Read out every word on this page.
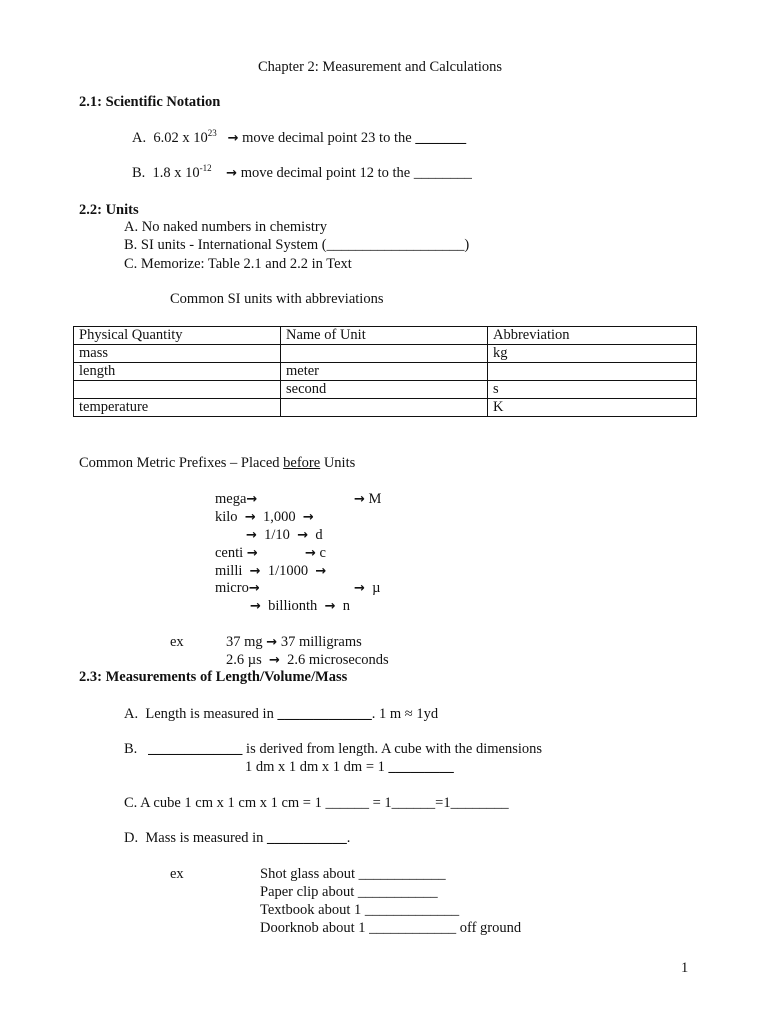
Chapter 2: Measurement and Calculations
2.1: Scientific Notation
A. 6.02 x $10^{23}$ → move decimal point 23 to the _______
B. 1.8 x $10^{-12}$ → move decimal point 12 to the ________
2.2: Units
A. No naked numbers in chemistry
B. SI units - International System (___________________)
C. Memorize: Table 2.1 and 2.2 in Text
Common SI units with abbreviations
Physical Quantity	Name of Unit	Abbreviation
mass		kg
length	meter	
	second	s
temperature		K
Common Metric Prefixes – Placed before Units
mega→	→ M
kilo → 1,000 →
→ 1/10 → d
centi →	→ c
milli → 1/1000 →
micro→	→ µ
→ billionth → n
ex	37 mg → 37 milligrams
2.6 µs → 2.6 microseconds
2.3: Measurements of Length/Volume/Mass
A. Length is measured in _____________. 1 m ≈ 1yd
B. _____________ is derived from length. A cube with the dimensions
1 dm x 1 dm x 1 dm = 1 _________
C. A cube 1 cm x 1 cm x 1 cm = 1 ______ = 1______=1________
D. Mass is measured in ___________.
ex	Shot glass about ____________
Paper clip about ___________
Textbook about 1 _____________
Doorknob about 1 ____________ off ground
1
